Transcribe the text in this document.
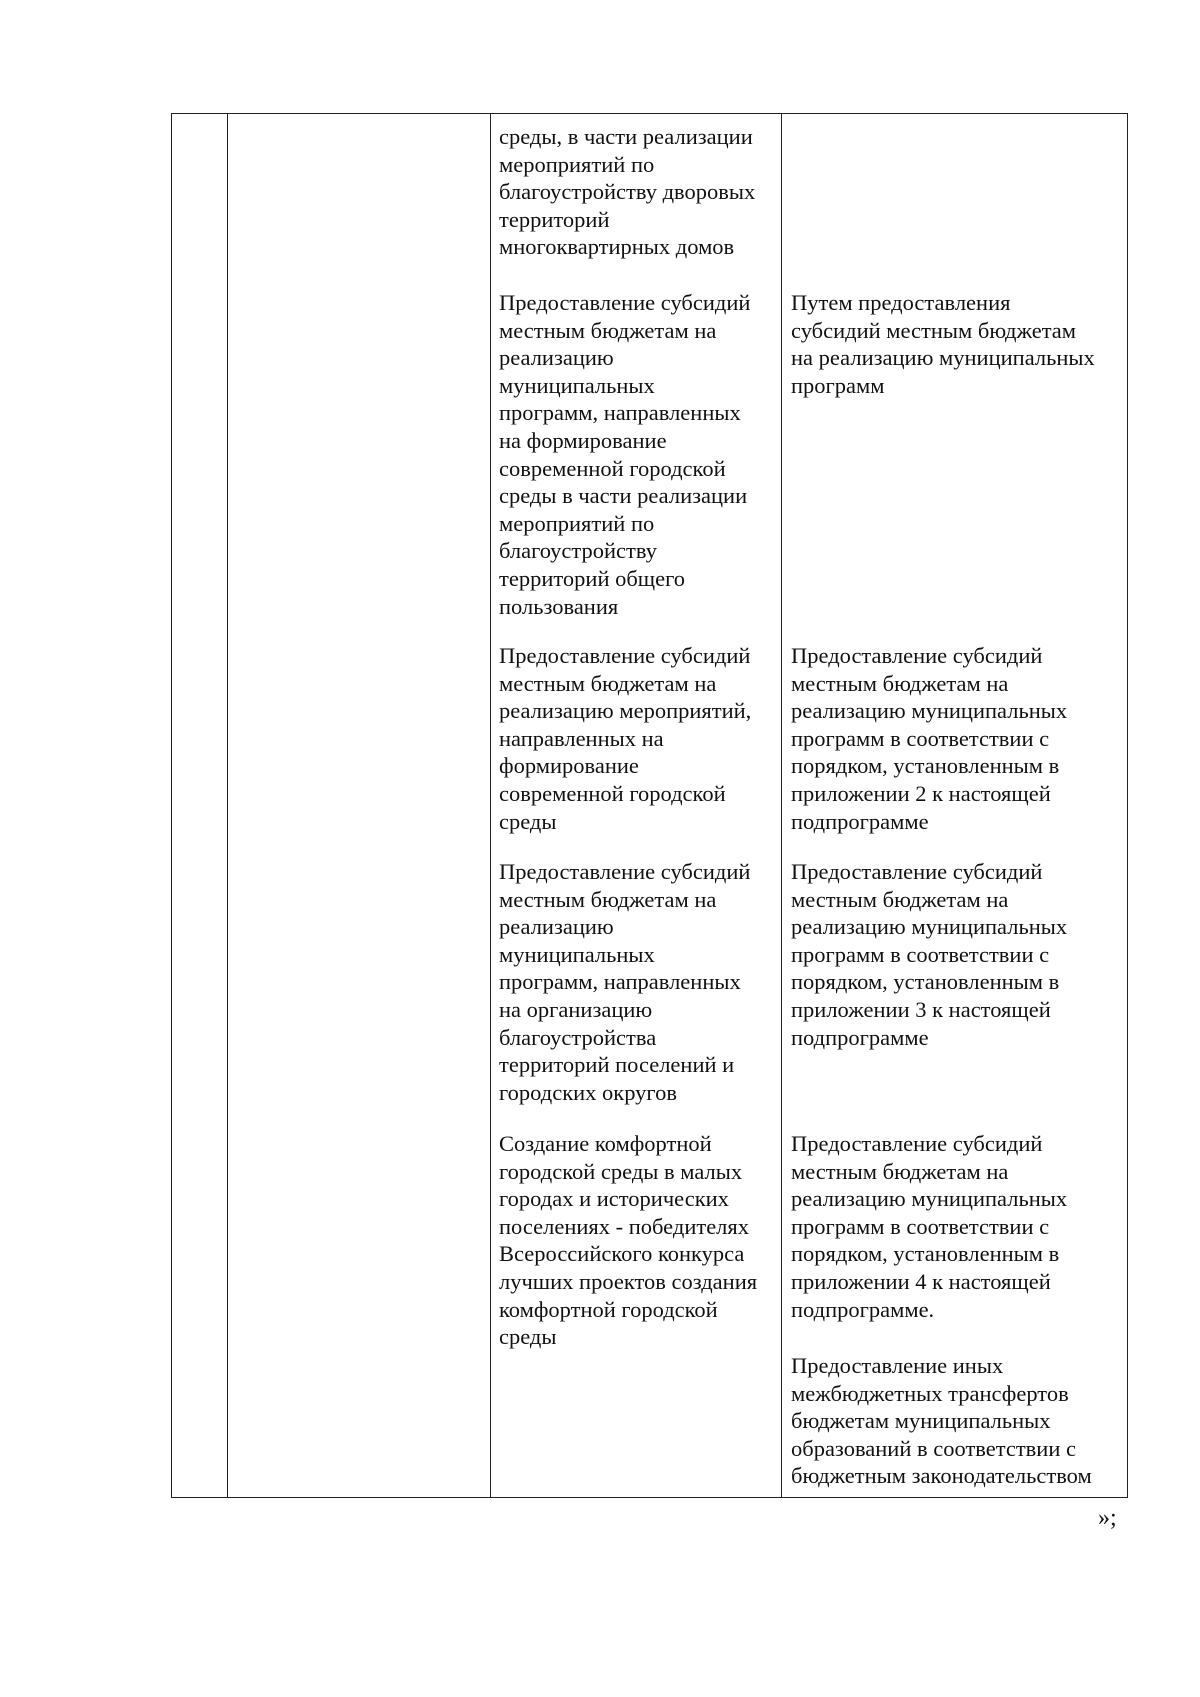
среды, в части реализации
мероприятий по
благоустройству дворовых
территорий
многоквартирных домов

Предоставление субсидий
местным бюджетам на
реализацию
муниципальных
программ, направленных
на формирование
современной городской
среды в части реализации
мероприятий по
благоустройству
территорий общего
пользования

Предоставление субсидий
местным бюджетам на
реализацию мероприятий,
направленных на
формирование
современной городской
среды

Предоставление субсидий
местным бюджетам на
реализацию
муниципальных
программ, направленных
на организацию
благоустройства
территорий поселений и
городских округов

Создание комфортной
городской среды в малых
городах и исторических
поселениях - победителях
Всероссийского конкурса
лучших проектов создания
комфортной городской
среды

Путем предоставления
субсидий местным бюджетам
на реализацию муниципальных
программ

Предоставление субсидий
местным бюджетам на
реализацию муниципальных
программ в соответствии с
порядком, установленным в
приложении 2 к настоящей
подпрограмме

Предоставление субсидий
местным бюджетам на
реализацию муниципальных
программ в соответствии с
порядком, установленным в
приложении 3 к настоящей
подпрограмме

Предоставление субсидий
местным бюджетам на
реализацию муниципальных
программ в соответствии с
порядком, установленным в
приложении 4 к настоящей
подпрограмме.

Предоставление иных
межбюджетных трансфертов
бюджетам муниципальных
образований в соответствии с
бюджетным законодательством

»;
